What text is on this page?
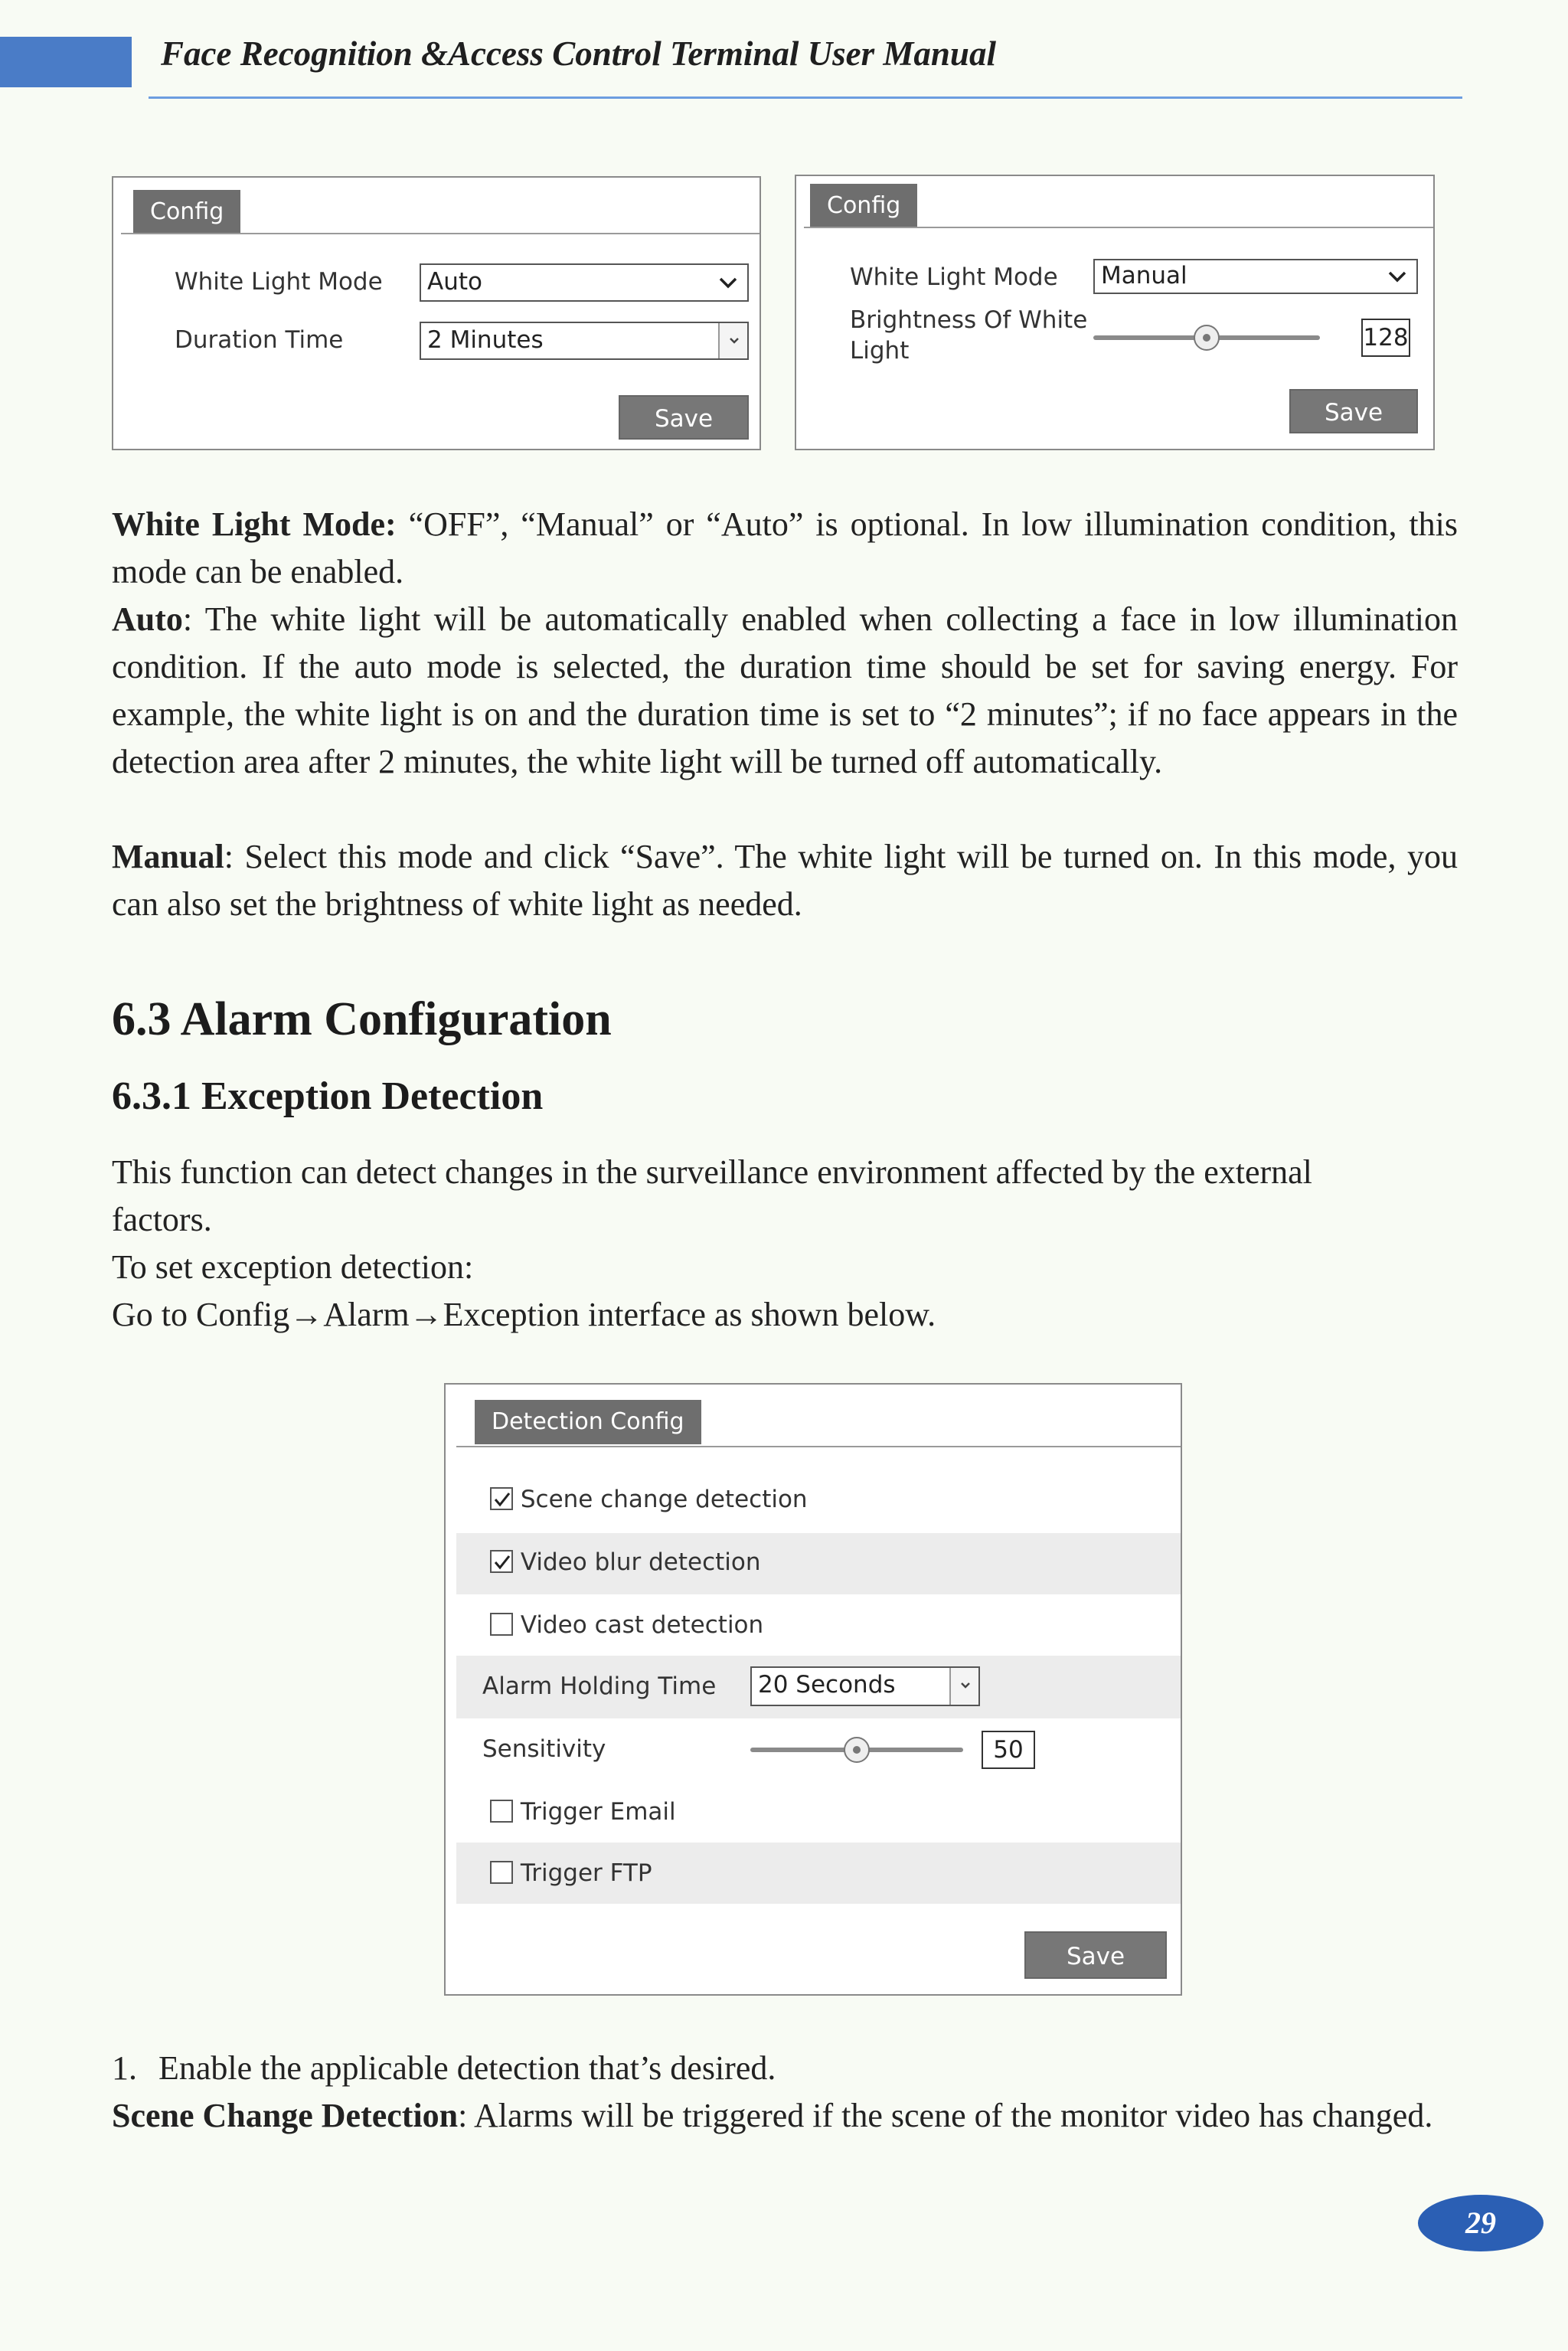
Face Recognition &Access Control Terminal User Manual
Config
White Light Mode	Auto
Duration Time	2 Minutes
Save
Config
White Light Mode	Manual
Brightness Of White
Light	128
Save
White Light Mode: “OFF”, “Manual” or “Auto” is optional. In low illumination condition, this mode can be enabled.
Auto: The white light will be automatically enabled when collecting a face in low illumination condition. If the auto mode is selected, the duration time should be set for saving energy. For example, the white light is on and the duration time is set to “2 minutes”; if no face appears in the detection area after 2 minutes, the white light will be turned off automatically.
Manual: Select this mode and click “Save”. The white light will be turned on. In this mode, you can also set the brightness of white light as needed.
6.3 Alarm Configuration
6.3.1 Exception Detection
This function can detect changes in the surveillance environment affected by the external
factors.
To set exception detection:
Go to Config→Alarm→Exception interface as shown below.
Detection Config
Scene change detection
Video blur detection
Video cast detection
Alarm Holding Time	20 Seconds
Sensitivity	50
Trigger Email
Trigger FTP
Save
1. Enable the applicable detection that’s desired.
Scene Change Detection: Alarms will be triggered if the scene of the monitor video has changed.
29
